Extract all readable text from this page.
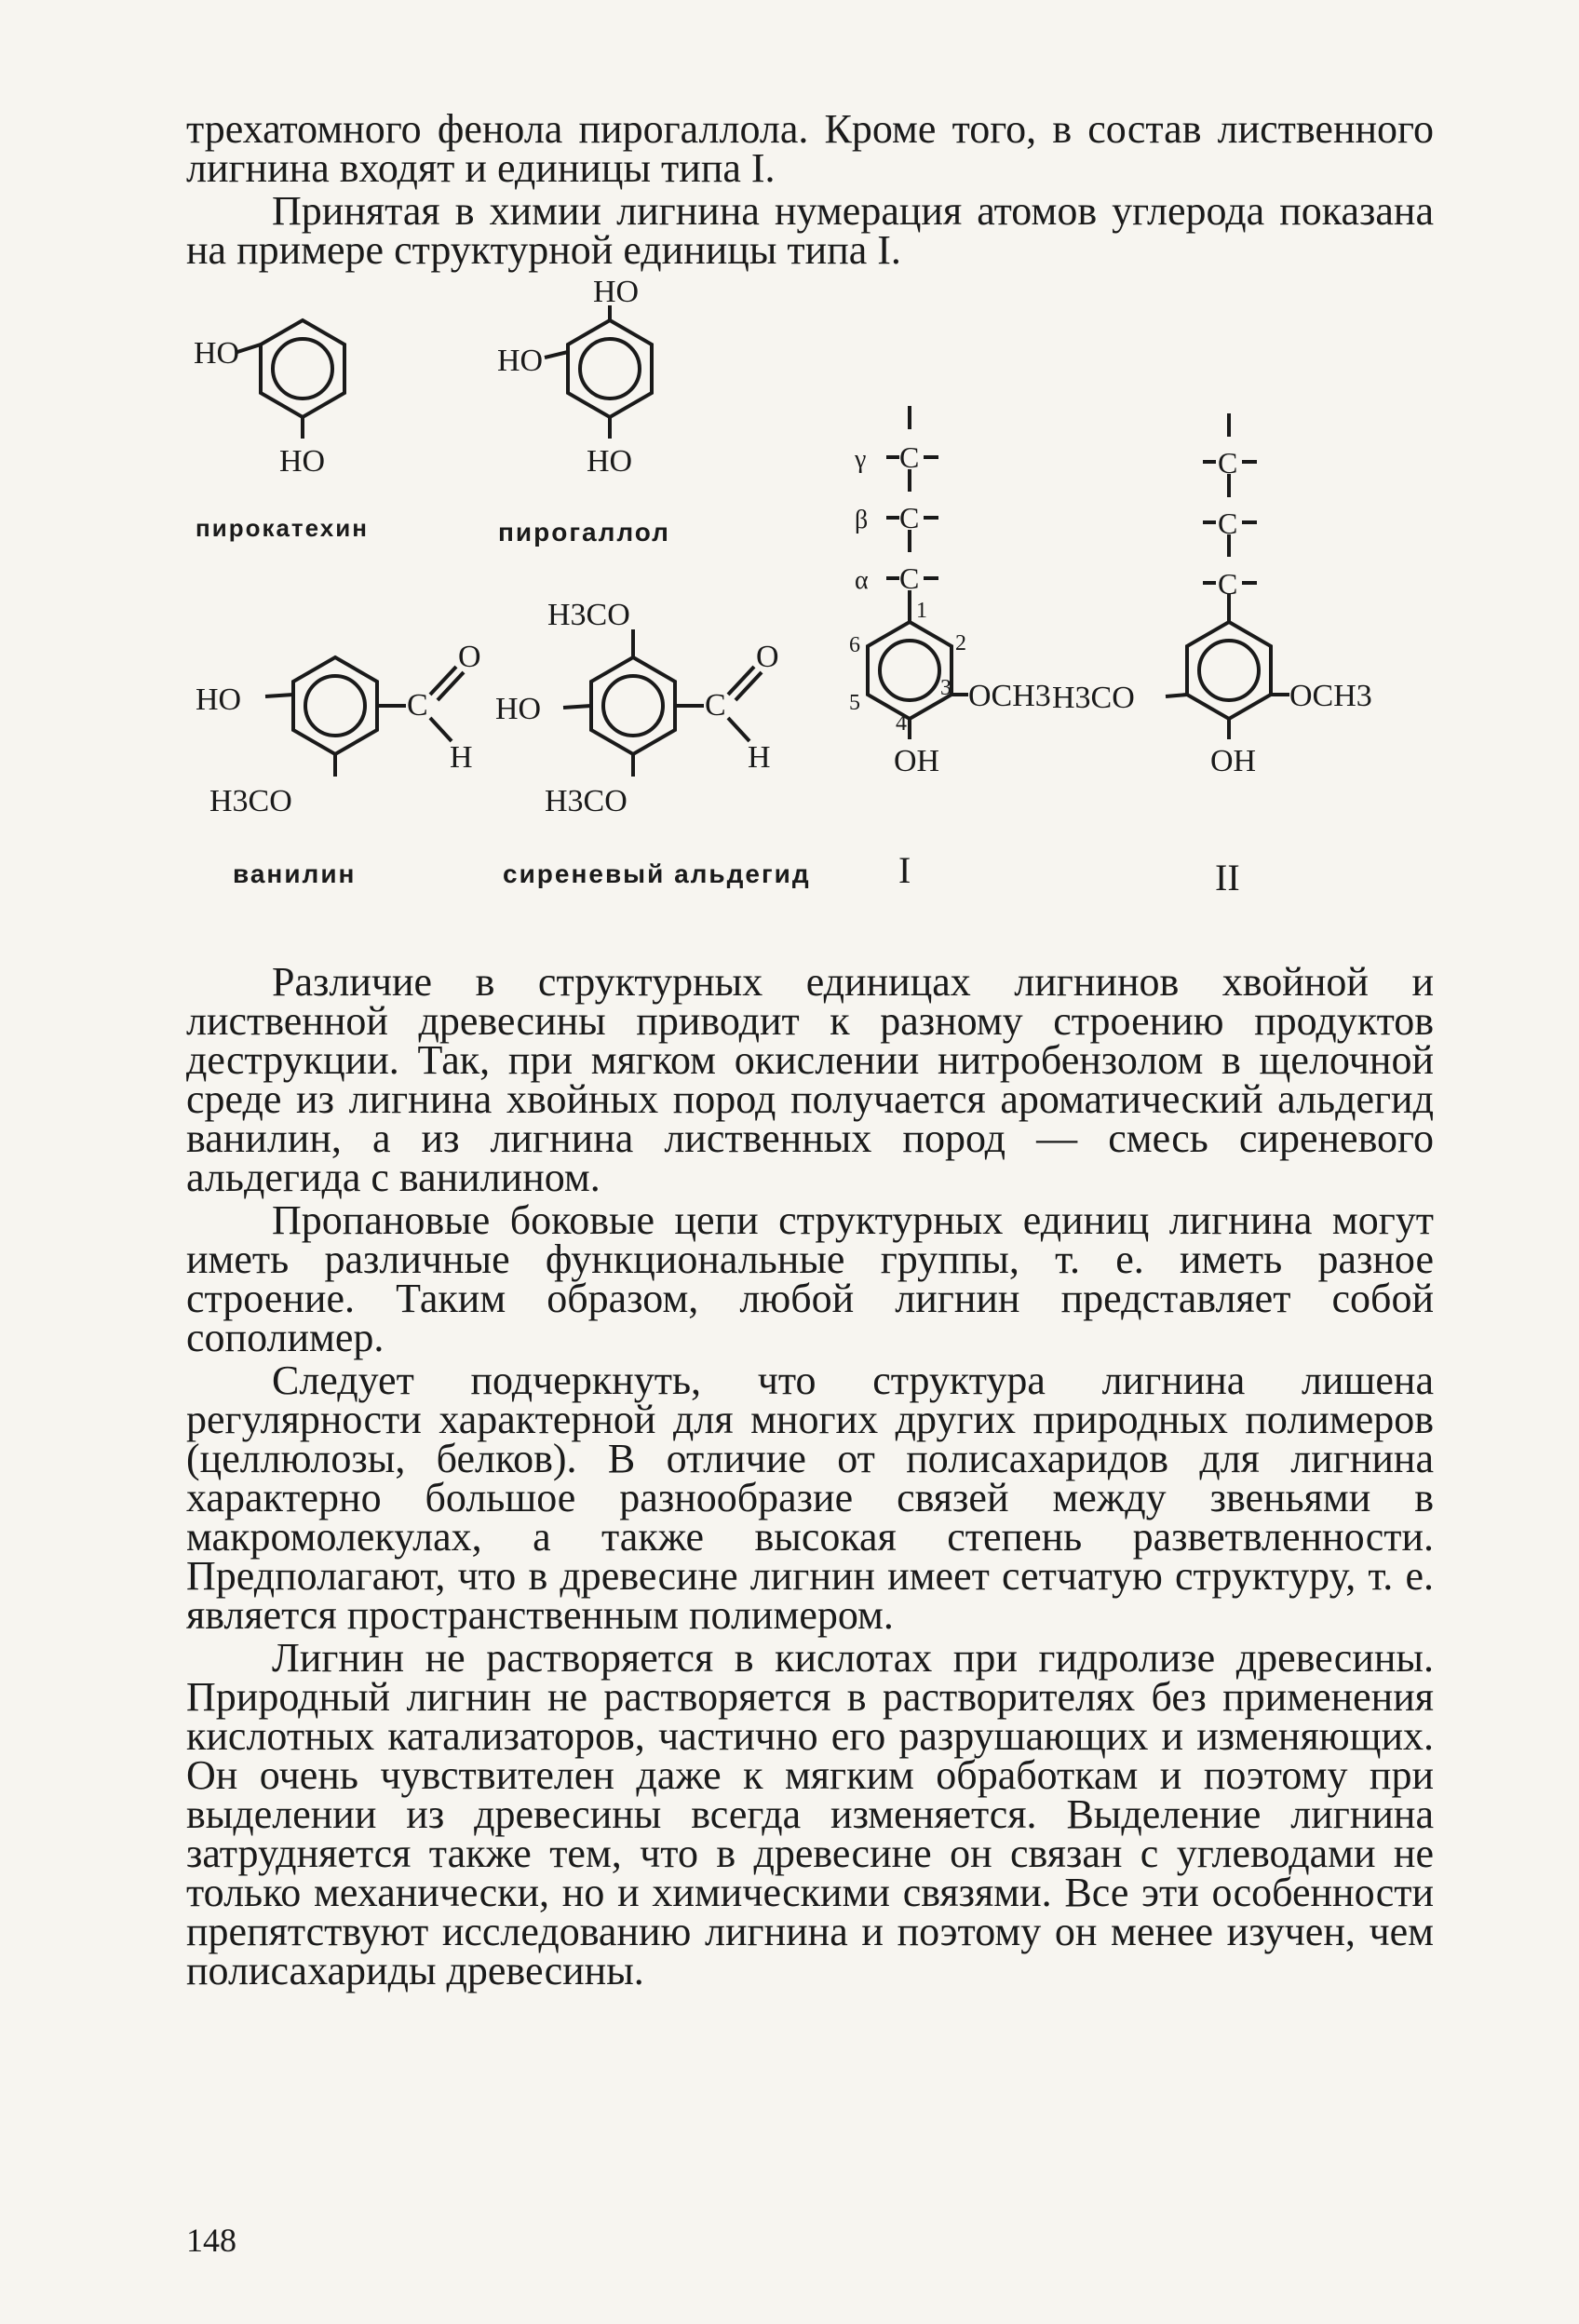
трехатомного фенола пирогаллола. Кроме того, в состав лиственного лигнина входят и единицы типа I.

Принятая в химии лигнина нумерация атомов углерода показана на примере структурной единицы типа I.

HO
HO
пирокатехин
HO
HO
HO
пирогаллол
HO	C
O
H
H3CO
ванилин
H3CO
HO	C
O
H
H3CO
сиреневый альдегид
γ C
β C
α C
1
2
3
4
5
6
OCH3
OH
I
C
C
C
H3CO	OCH3
OH
II

Различие в структурных единицах лигнинов хвойной и лиственной древесины приводит к разному строению продуктов деструкции. Так, при мягком окислении нитробензолом в щелочной среде из лигнина хвойных пород получается ароматический альдегид ванилин, а из лигнина лиственных пород — смесь сиреневого альдегида с ванилином.

Пропановые боковые цепи структурных единиц лигнина могут иметь различные функциональные группы, т. е. иметь разное строение. Таким образом, любой лигнин представляет собой сополимер.

Следует подчеркнуть, что структура лигнина лишена регулярности характерной для многих других природных полимеров (целлюлозы, белков). В отличие от полисахаридов для лигнина характерно большое разнообразие связей между звеньями в макромолекулах, а также высокая степень разветвленности. Предполагают, что в древесине лигнин имеет сетчатую структуру, т. е. является пространственным полимером.

Лигнин не растворяется в кислотах при гидролизе древесины. Природный лигнин не растворяется в растворителях без применения кислотных катализаторов, частично его разрушающих и изменяющих. Он очень чувствителен даже к мягким обработкам и поэтому при выделении из древесины всегда изменяется. Выделение лигнина затрудняется также тем, что в древесине он связан с углеводами не только механически, но и химическими связями. Все эти особенности препятствуют исследованию лигнина и поэтому он менее изучен, чем полисахариды древесины.

148
